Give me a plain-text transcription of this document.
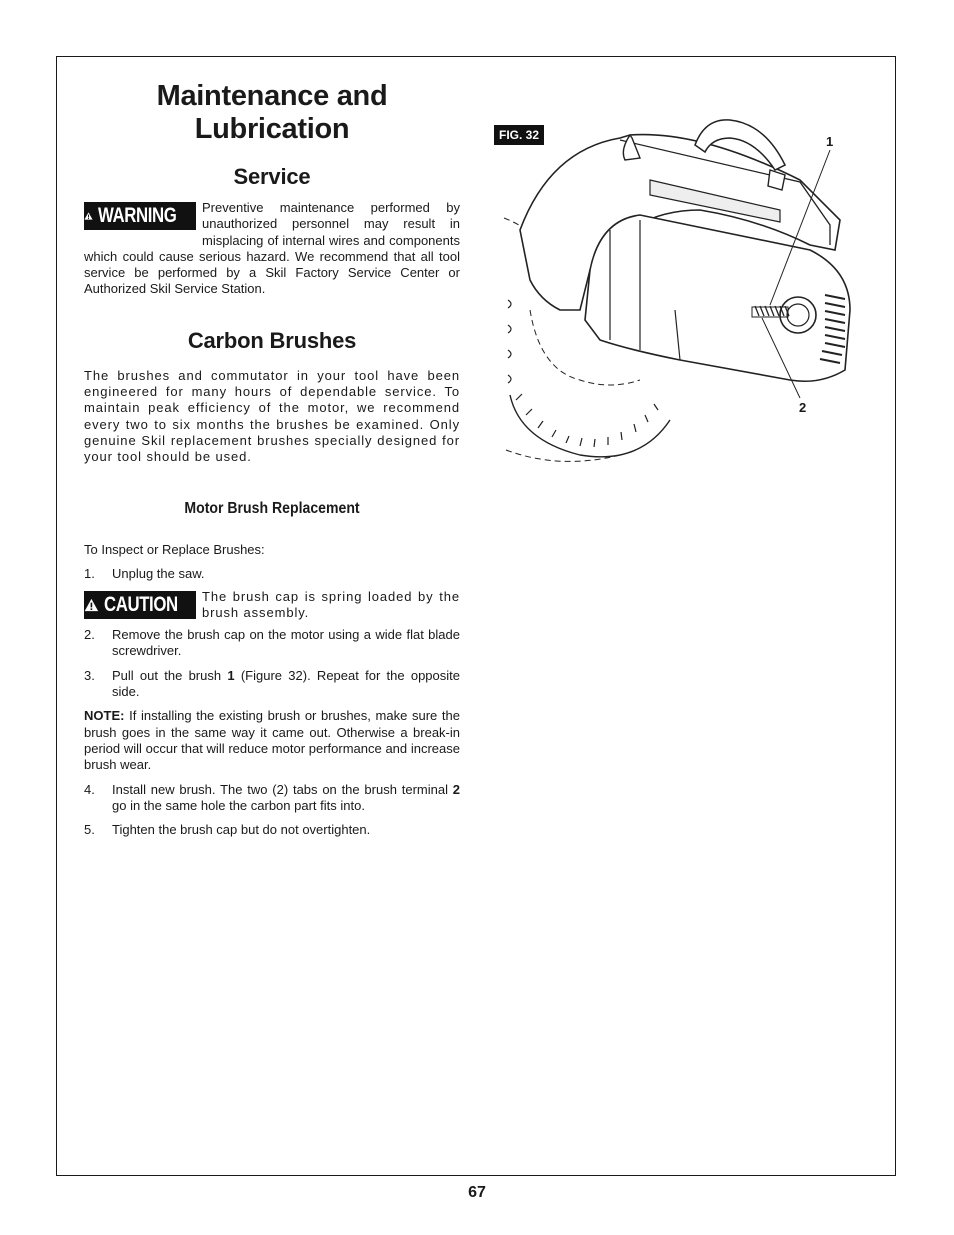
Maintenance and
Lubrication
Service
WARNING	Preventive maintenance performed by unauthorized personnel may result in misplacing of internal wires and components which could cause serious hazard. We recommend that all tool service be performed by a Skil Factory Service Center or Authorized Skil Service Station.

Carbon Brushes

The brushes and commutator in your tool have been engineered for many hours of dependable service. To maintain peak efficiency of the motor, we recommend every two to six months the brushes be examined. Only genuine Skil replacement brushes specially designed for your tool should be used.

Motor Brush Replacement

To Inspect or Replace Brushes:

1.	Unplug the saw.
CAUTION	The brush cap is spring loaded by the brush assembly.

2.	Remove the brush cap on the motor using a wide flat blade screwdriver.
3.	Pull out the brush 1 (Figure 32). Repeat for the opposite side.

NOTE: If installing the existing brush or brushes, make sure the brush goes in the same way it came out. Otherwise a break-in period will occur that will reduce motor performance and increase brush wear.

4.	Install new brush. The two (2) tabs on the brush terminal 2 go in the same hole the carbon part fits into.
5.	Tighten the brush cap but do not overtighten.
FIG. 32	1
2
67
